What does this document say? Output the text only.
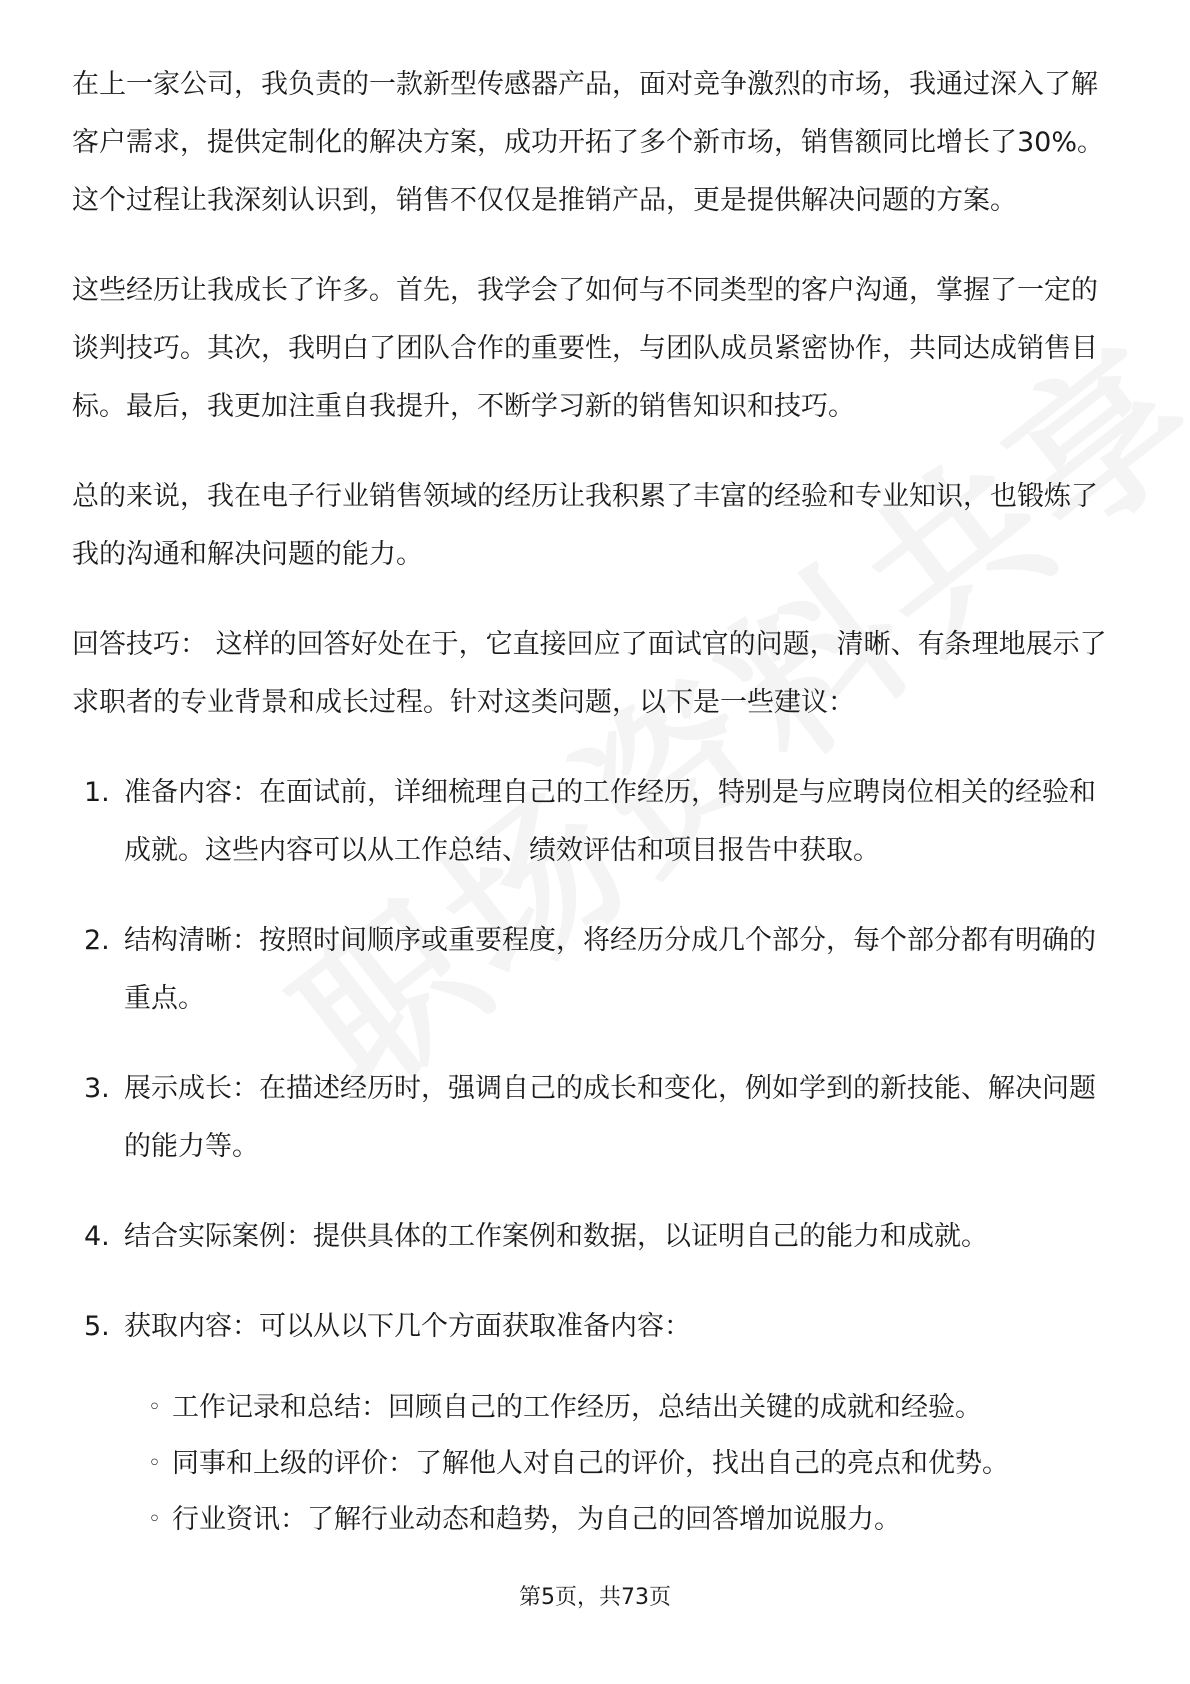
在上一家公司，我负责的一款新型传感器产品，面对竞争激烈的市场，我通过深入了解客户需求，提供定制化的解决方案，成功开拓了多个新市场，销售额同比增长了30%。这个过程让我深刻认识到，销售不仅仅是推销产品，更是提供解决问题的方案。

这些经历让我成长了许多。首先，我学会了如何与不同类型的客户沟通，掌握了一定的谈判技巧。其次，我明白了团队合作的重要性，与团队成员紧密协作，共同达成销售目标。最后，我更加注重自我提升，不断学习新的销售知识和技巧。

总的来说，我在电子行业销售领域的经历让我积累了丰富的经验和专业知识，也锻炼了我的沟通和解决问题的能力。

回答技巧： 这样的回答好处在于，它直接回应了面试官的问题，清晰、有条理地展示了求职者的专业背景和成长过程。针对这类问题，以下是一些建议：

1. 准备内容：在面试前，详细梳理自己的工作经历，特别是与应聘岗位相关的经验和成就。这些内容可以从工作总结、绩效评估和项目报告中获取。
2. 结构清晰：按照时间顺序或重要程度，将经历分成几个部分，每个部分都有明确的重点。
3. 展示成长：在描述经历时，强调自己的成长和变化，例如学到的新技能、解决问题的能力等。
4. 结合实际案例：提供具体的工作案例和数据，以证明自己的能力和成就。
5. 获取内容：可以从以下几个方面获取准备内容：
◦ 工作记录和总结：回顾自己的工作经历，总结出关键的成就和经验。
◦ 同事和上级的评价：了解他人对自己的评价，找出自己的亮点和优势。
◦ 行业资讯：了解行业动态和趋势，为自己的回答增加说服力。
第5页，共73页
